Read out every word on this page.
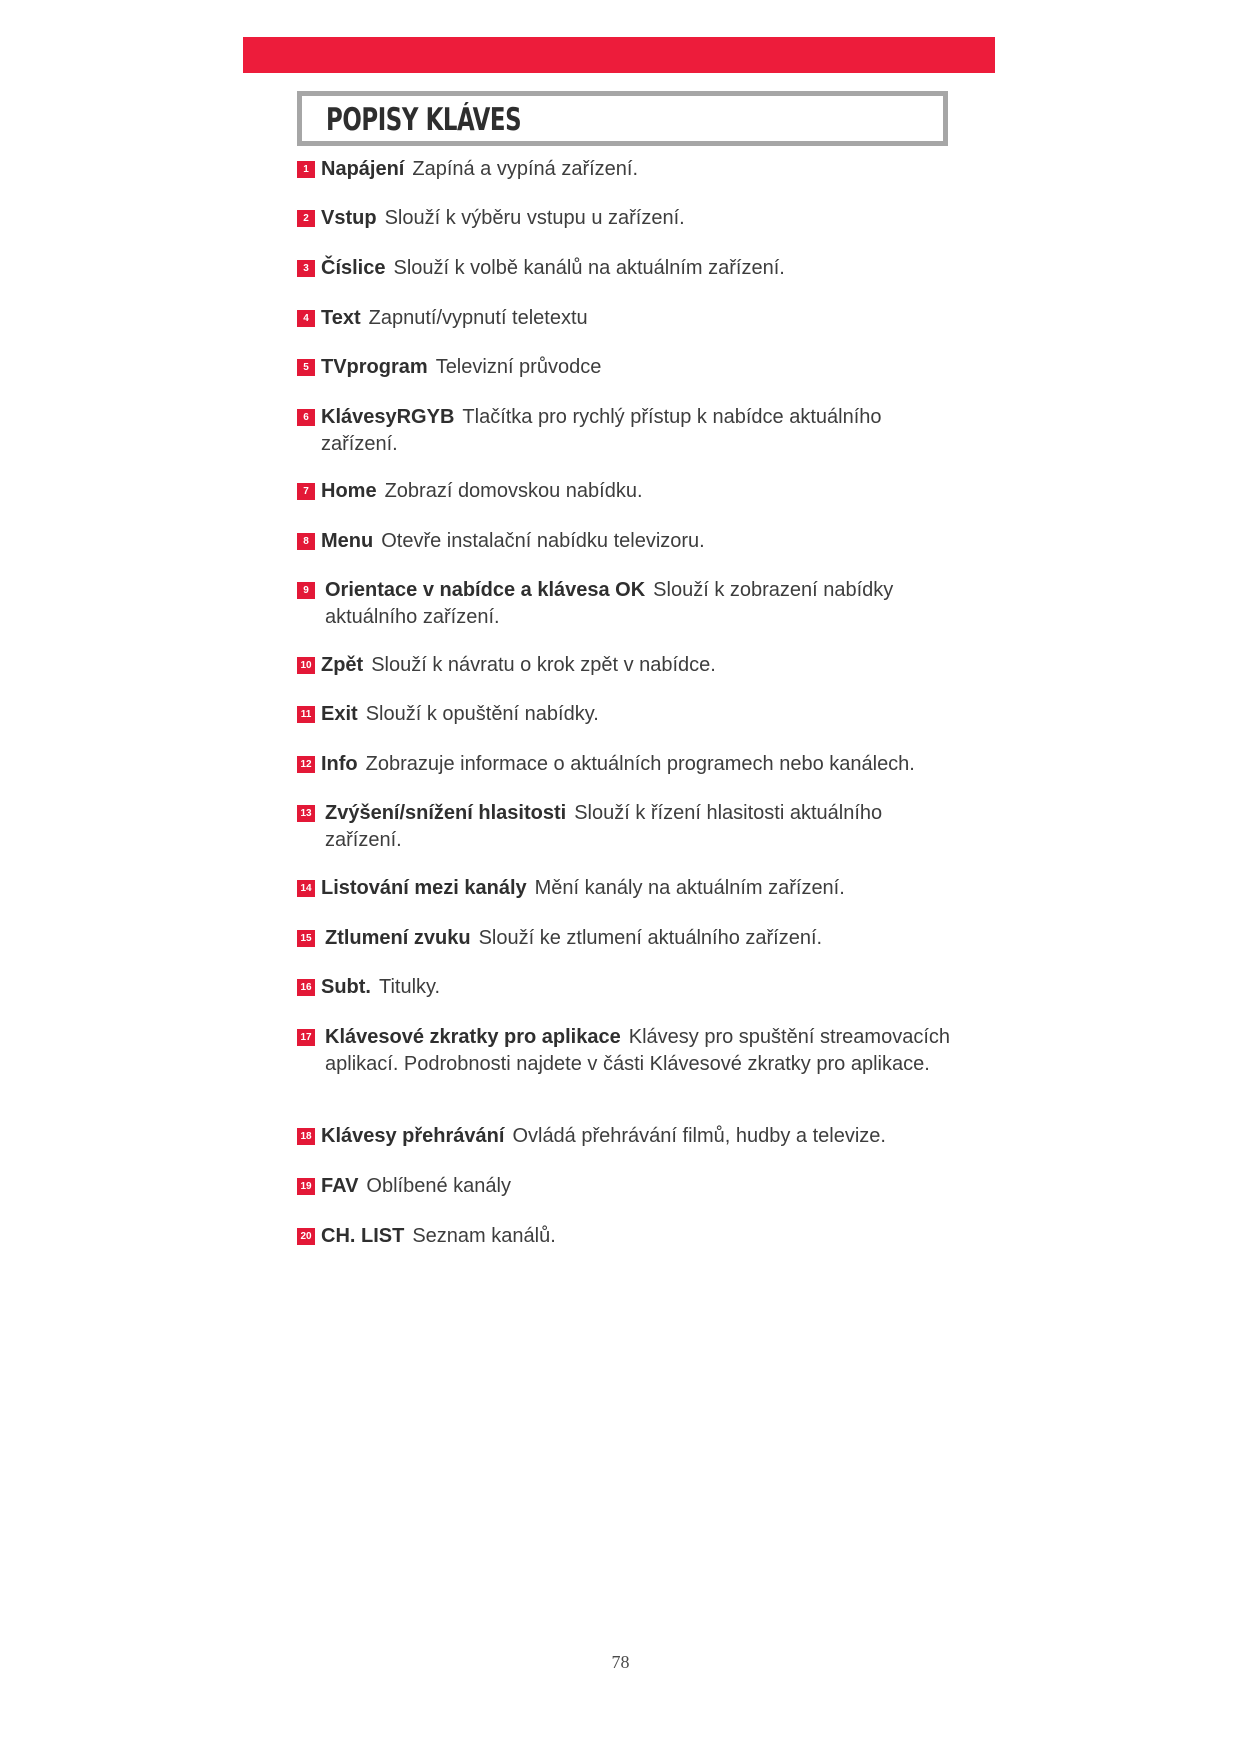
POPISY KLÁVES
1 Napájení Zapíná a vypíná zařízení.
2 Vstup Slouží k výběru vstupu u zařízení.
3 Číslice Slouží k volbě kanálů na aktuálním zařízení.
4 Text Zapnutí/vypnutí teletextu
5 TVprogram Televizní průvodce
6 KlávesyRGYB Tlačítka pro rychlý přístup k nabídce aktuálního zařízení.
7 Home Zobrazí domovskou nabídku.
8 Menu Otevře instalační nabídku televizoru.
9 Orientace v nabídce a klávesa OK Slouží k zobrazení nabídky aktuálního zařízení.
10 Zpět Slouží k návratu o krok zpět v nabídce.
11 Exit Slouží k opuštění nabídky.
12 Info Zobrazuje informace o aktuálních programech nebo kanálech.
13 Zvýšení/snížení hlasitosti Slouží k řízení hlasitosti aktuálního zařízení.
14 Listování mezi kanály Mění kanály na aktuálním zařízení.
15 Ztlumení zvuku Slouží ke ztlumení aktuálního zařízení.
16 Subt. Titulky.
17 Klávesové zkratky pro aplikace Klávesy pro spuštění streamovacích aplikací. Podrobnosti najdete v části Klávesové zkratky pro aplikace.
18 Klávesy přehrávání Ovládá přehrávání filmů, hudby a televize.
19 FAV Oblíbené kanály
20 CH. LIST Seznam kanálů.
78
